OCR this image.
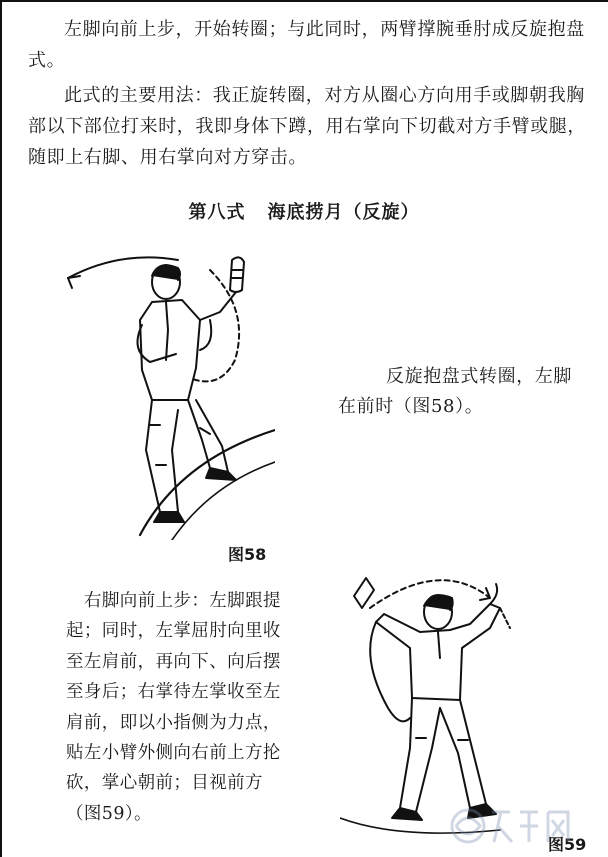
左脚向前上步，开始转圈；与此同时，两臂撑腕垂肘成反旋抱盘式。

此式的主要用法：我正旋转圈，对方从圈心方向用手或脚朝我胸部以下部位打来时，我即身体下蹲，用右掌向下切截对方手臂或腿，随即上右脚、用右掌向对方穿击。

第八式 海底捞月（反旋）
反旋抱盘式转圈，左脚在前时（图58）。
图58

右脚向前上步：左脚跟提起；同时，左掌屈肘向里收至左肩前，再向下、向后摆至身后；右掌待左掌收至左肩前，即以小指侧为力点，贴左小臂外侧向右前上方抡砍，掌心朝前；目视前方（图59）。

图59
